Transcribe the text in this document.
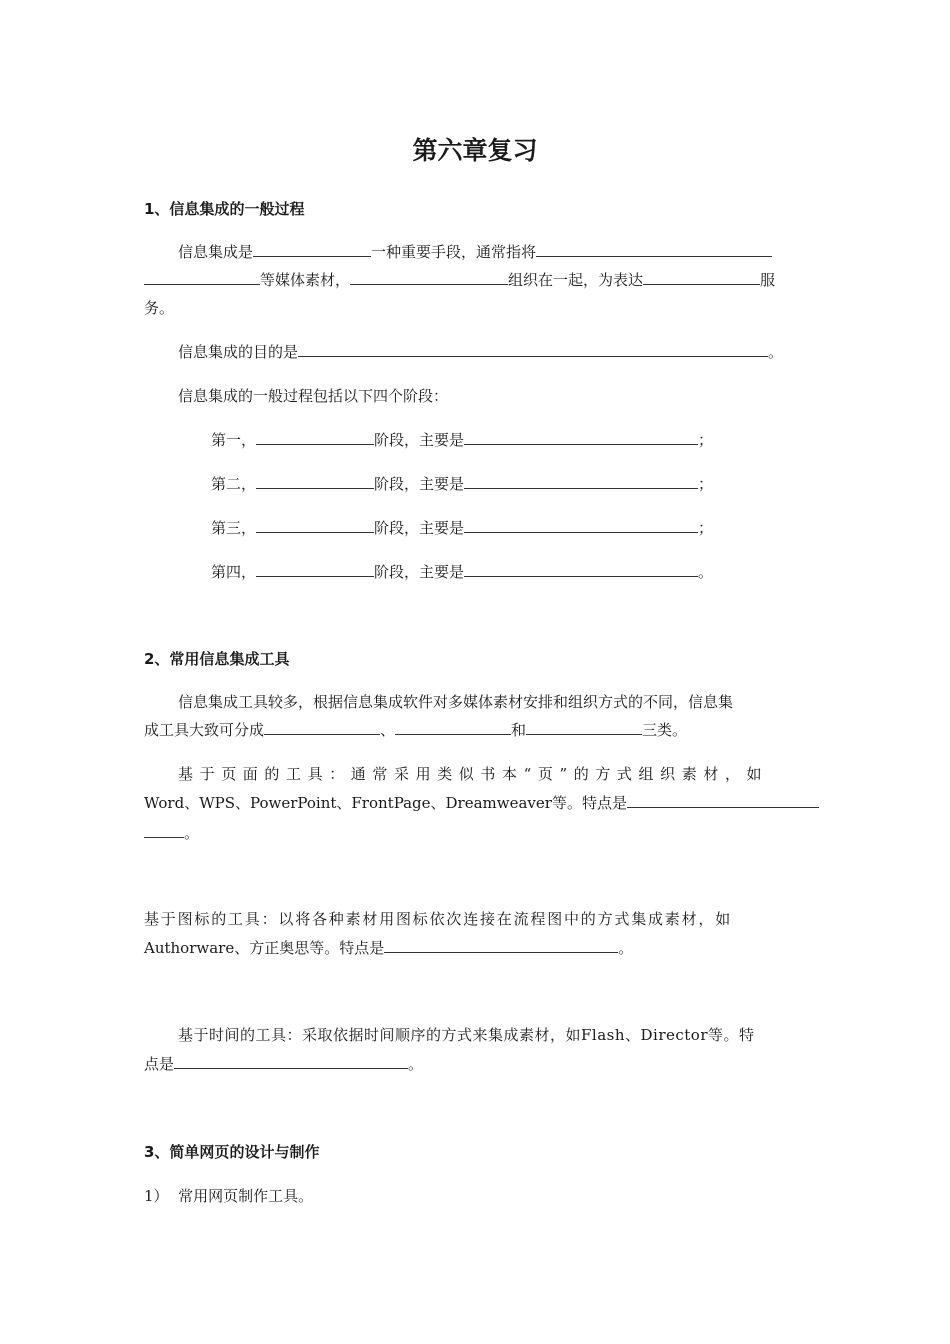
第六章复习
1、信息集成的一般过程
信息集成是	一种重要手段，通常指将
等媒体素材，	组织在一起，为表达	服
务。
信息集成的目的是	。
信息集成的一般过程包括以下四个阶段：
第一，	阶段，主要是	；
第二，	阶段，主要是	；
第三，	阶段，主要是	；
第四，	阶段，主要是	。
2、常用信息集成工具
信息集成工具较多，根据信息集成软件对多媒体素材安排和组织方式的不同，信息集
成工具大致可分成	、	和	三类。
基于页面的工具：通常采用类似书本“页”的方式组织素材，如
Word、WPS、PowerPoint、FrontPage、Dreamweaver等。特点是
。
基于图标的工具：以将各种素材用图标依次连接在流程图中的方式集成素材，如
Authorware、方正奥思等。特点是	。
基于时间的工具：采取依据时间顺序的方式来集成素材，如Flash、Director等。特
点是	。
3、简单网页的设计与制作
1）  常用网页制作工具。
